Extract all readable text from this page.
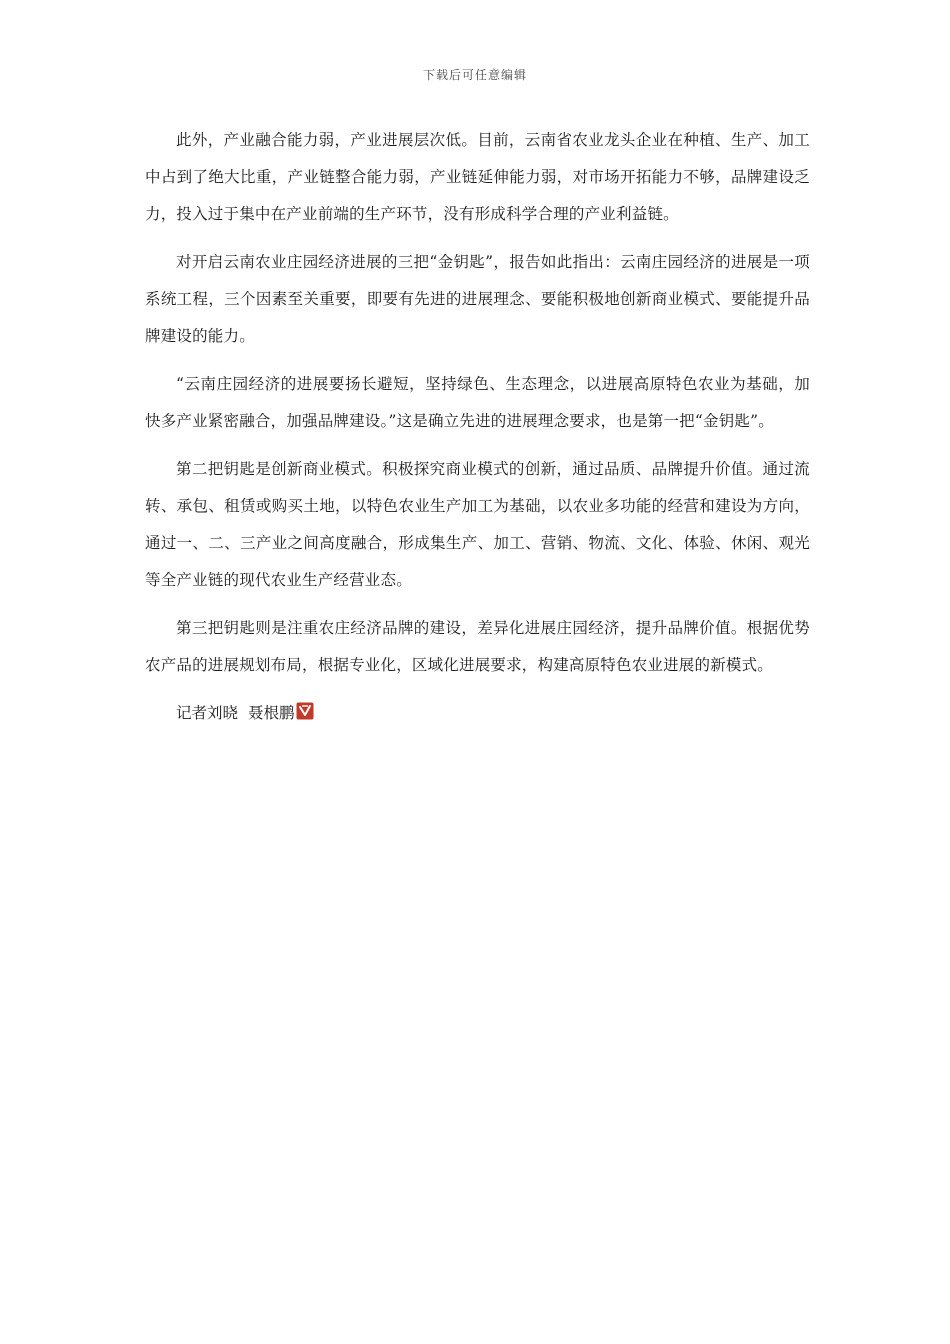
下载后可任意编辑

此外，产业融合能力弱，产业进展层次低。目前，云南省农业龙头企业在种植、生产、加工中占到了绝大比重，产业链整合能力弱，产业链延伸能力弱，对市场开拓能力不够，品牌建设乏力，投入过于集中在产业前端的生产环节，没有形成科学合理的产业利益链。

对开启云南农业庄园经济进展的三把“金钥匙”，报告如此指出：云南庄园经济的进展是一项系统工程，三个因素至关重要，即要有先进的进展理念、要能积极地创新商业模式、要能提升品牌建设的能力。

“云南庄园经济的进展要扬长避短，坚持绿色、生态理念，以进展高原特色农业为基础，加快多产业紧密融合，加强品牌建设。”这是确立先进的进展理念要求，也是第一把“金钥匙”。

第二把钥匙是创新商业模式。积极探究商业模式的创新，通过品质、品牌提升价值。通过流转、承包、租赁或购买土地，以特色农业生产加工为基础，以农业多功能的经营和建设为方向，通过一、二、三产业之间高度融合，形成集生产、加工、营销、物流、文化、体验、休闲、观光等全产业链的现代农业生产经营业态。

第三把钥匙则是注重农庄经济品牌的建设，差异化进展庄园经济，提升品牌价值。根据优势农产品的进展规划布局，根据专业化，区域化进展要求，构建高原特色农业进展的新模式。

记者刘晓 聂根鹏
